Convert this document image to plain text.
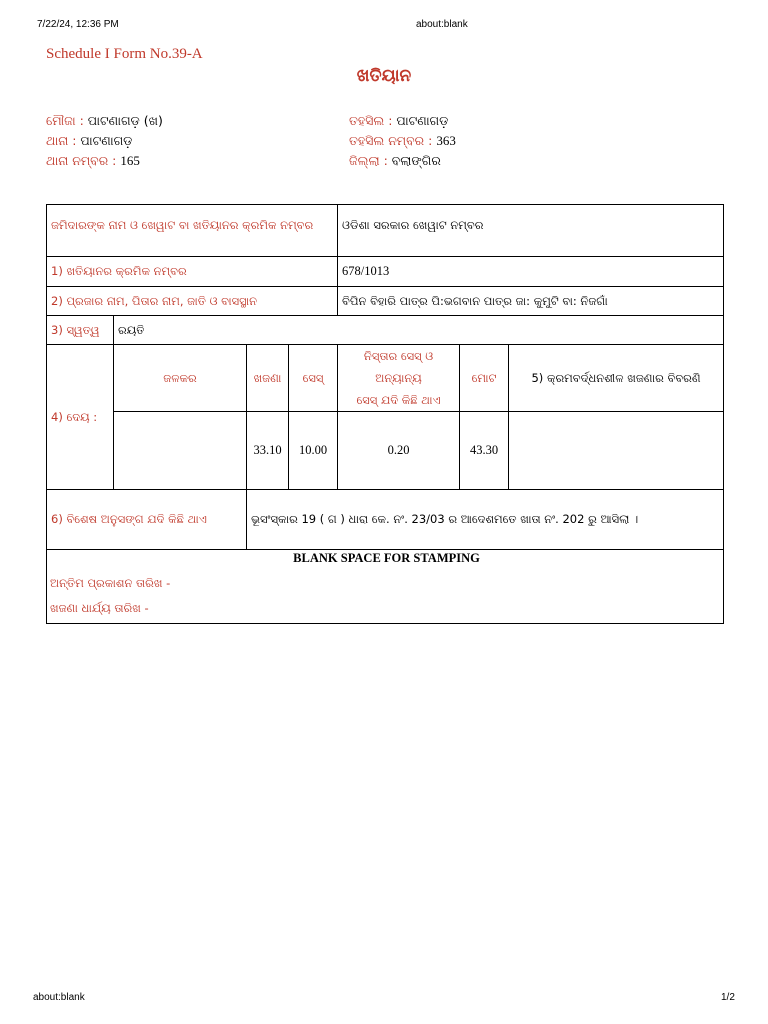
7/22/24, 12:36 PM	about:blank
Schedule I Form No.39-A
ଖତିୟାନ
ମୌଜା : ପାଟଣାଗଡ଼ (ଖ)
ଥାନା : ପାଟଣାଗଡ଼
ଥାନା ନମ୍ବର : 165
ତହସିଲ : ପାଟଣାଗଡ଼
ତହସିଲ ନମ୍ବର : 363
ଜିଲ୍ଲା : ବଲାଙ୍ଗିର
ଜମିଦାରଙ୍କ ନାମ ଓ ଖେୱାଟ ବା ଖତିୟାନର କ୍ରମିକ ନମ୍ବର				ଓଡିଶା ସରକାର ଖେୱାଟ ନମ୍ବର		
1) ଖତିୟାନର କ୍ରମିକ ନମ୍ବର				678/1013		
2) ପ୍ରଜାର ନାମ, ପିତାର ନାମ, ଜାତି ଓ ବାସସ୍ଥାନ				ବିପିନ ବିହାରି ପାତ୍ର ପି:ଭଗବାନ ପାତ୍ର ଜା: କୁମୁଟି ବା: ନିଜଗାଁ		
3) ସ୍ୱତ୍ୱ	ରୟତି					
4) ଦେୟ :	ଜଳକର	ଖଜଣା	ସେସ୍	ନିସ୍ତାର ସେସ୍ ଓ ଅନ୍ୟାନ୍ୟ
ସେସ୍ ଯଦି କିଛି ଥାଏ	ମୋଟ	5) କ୍ରମବର୍ଦ୍ଧନଶୀଳ ଖଜଣାର ବିବରଣି
		33.10	10.00	0.20	43.30	
6) ବିଶେଷ ଅନୁସଙ୍ଗ ଯଦି କିଛି ଥାଏ		ଭୂସଂସ୍କାର 19 ( ଗ ) ଧାରା କେ. ନଂ. 23/03 ର ଆଦେଶମତେ ଖାତା ନଂ. 202 ରୁ ଆସିଲା ।				

BLANK SPACE FOR STAMPING
ଅନ୍ତିମ ପ୍ରକାଶନ ତାରିଖ -
ଖଜଣା ଧାର୍ଯ୍ୟ ତାରିଖ -						
about:blank	1/2
